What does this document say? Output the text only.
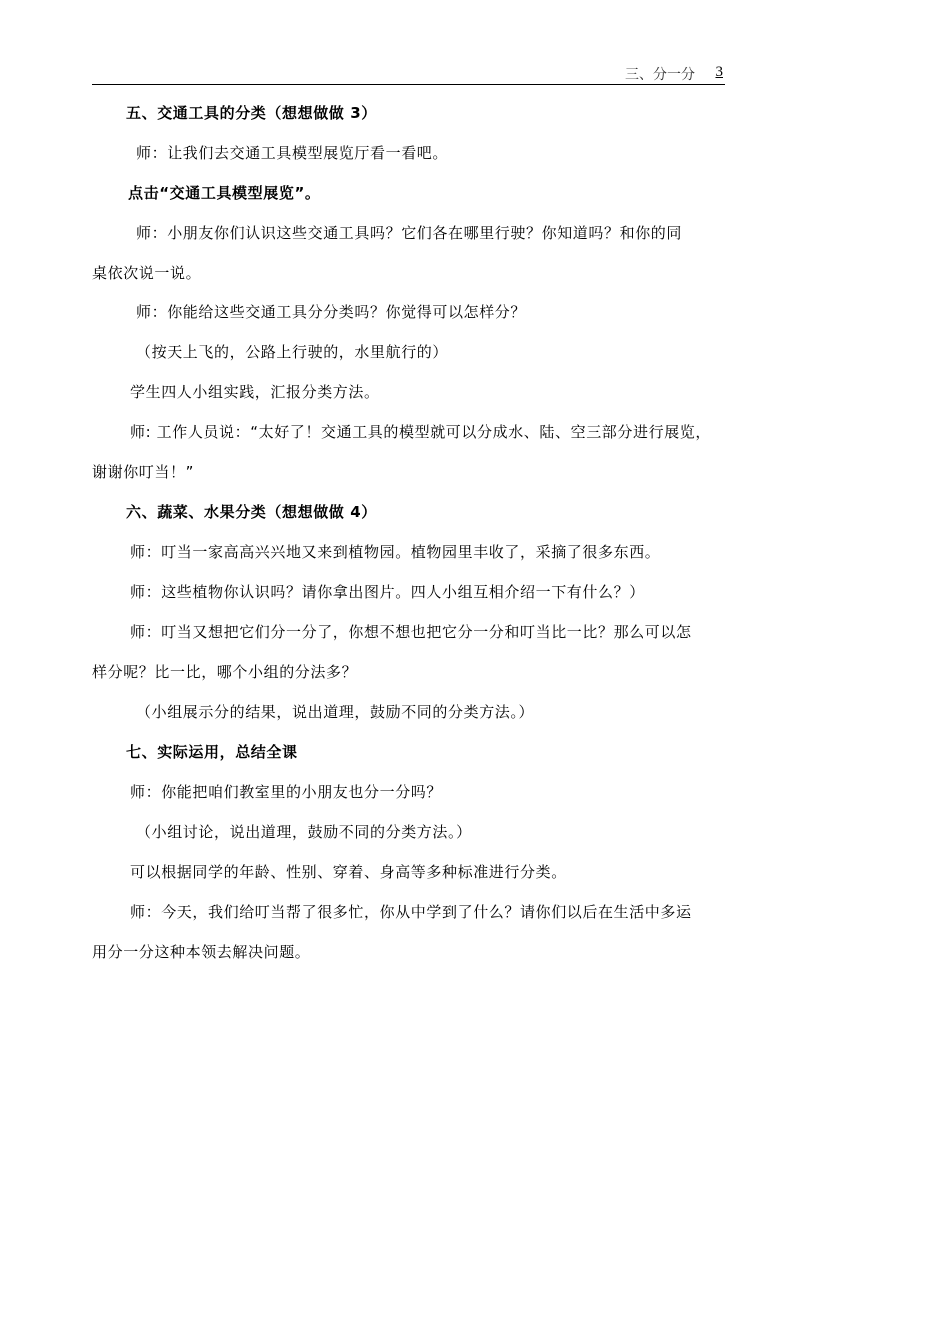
三、分一分 3
五、交通工具的分类（想想做做 3）
师：让我们去交通工具模型展览厅看一看吧。
点击“交通工具模型展览”。
师：小朋友你们认识这些交通工具吗？它们各在哪里行驶？你知道吗？和你的同
桌依次说一说。
师：你能给这些交通工具分分类吗？你觉得可以怎样分？
（按天上飞的，公路上行驶的，水里航行的）
学生四人小组实践，汇报分类方法。
师: 工作人员说：“太好了！交通工具的模型就可以分成水、陆、空三部分进行展览，
谢谢你叮当！”
六、蔬菜、水果分类（想想做做 4）
师：叮当一家高高兴兴地又来到植物园。植物园里丰收了，采摘了很多东西。
师：这些植物你认识吗？请你拿出图片。四人小组互相介绍一下有什么？）
师：叮当又想把它们分一分了，你想不想也把它分一分和叮当比一比？那么可以怎
样分呢？比一比，哪个小组的分法多？
（小组展示分的结果，说出道理，鼓励不同的分类方法。）
七、实际运用，总结全课
师：你能把咱们教室里的小朋友也分一分吗？
（小组讨论，说出道理，鼓励不同的分类方法。）
可以根据同学的年龄、性别、穿着、身高等多种标准进行分类。
师：今天，我们给叮当帮了很多忙，你从中学到了什么？请你们以后在生活中多运
用分一分这种本领去解决问题。
